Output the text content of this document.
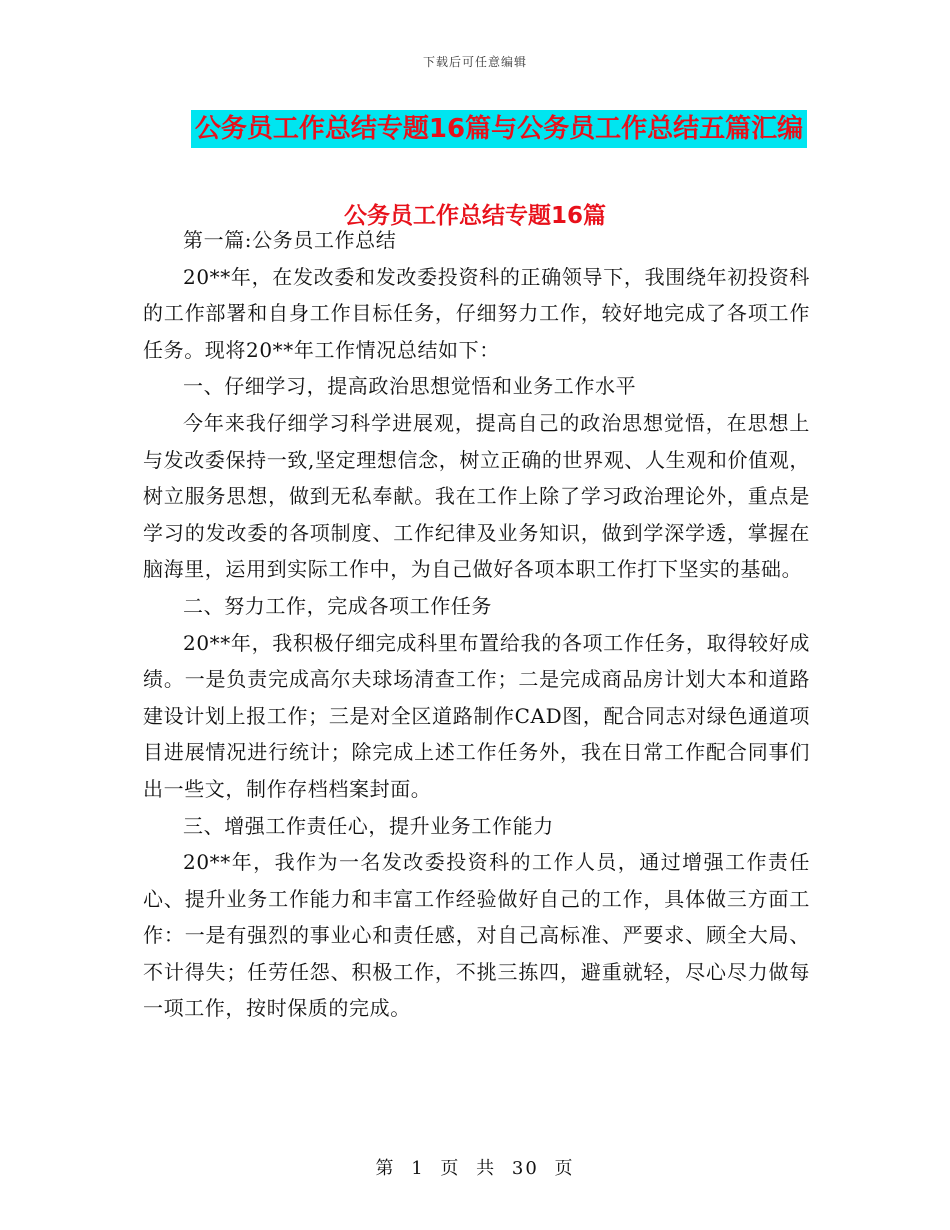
下载后可任意编辑
公务员工作总结专题16篇与公务员工作总结五篇汇编
公务员工作总结专题16篇

第一篇:公务员工作总结

20**年，在发改委和发改委投资科的正确领导下，我围绕年初投资科的工作部署和自身工作目标任务，仔细努力工作，较好地完成了各项工作任务。现将20**年工作情况总结如下：

一、仔细学习，提高政治思想觉悟和业务工作水平

今年来我仔细学习科学进展观，提高自己的政治思想觉悟，在思想上与发改委保持一致,坚定理想信念，树立正确的世界观、人生观和价值观，树立服务思想，做到无私奉献。我在工作上除了学习政治理论外，重点是学习的发改委的各项制度、工作纪律及业务知识，做到学深学透，掌握在脑海里，运用到实际工作中，为自己做好各项本职工作打下坚实的基础。

二、努力工作，完成各项工作任务

20**年，我积极仔细完成科里布置给我的各项工作任务，取得较好成绩。一是负责完成高尔夫球场清查工作；二是完成商品房计划大本和道路建设计划上报工作；三是对全区道路制作CAD图，配合同志对绿色通道项目进展情况进行统计；除完成上述工作任务外，我在日常工作配合同事们出一些文，制作存档档案封面。

三、增强工作责任心，提升业务工作能力

20**年，我作为一名发改委投资科的工作人员，通过增强工作责任心、提升业务工作能力和丰富工作经验做好自己的工作，具体做三方面工作：一是有强烈的事业心和责任感，对自己高标准、严要求、顾全大局、不计得失；任劳任怨、积极工作，不挑三拣四，避重就轻，尽心尽力做每一项工作，按时保质的完成。

第 1 页 共 30 页
